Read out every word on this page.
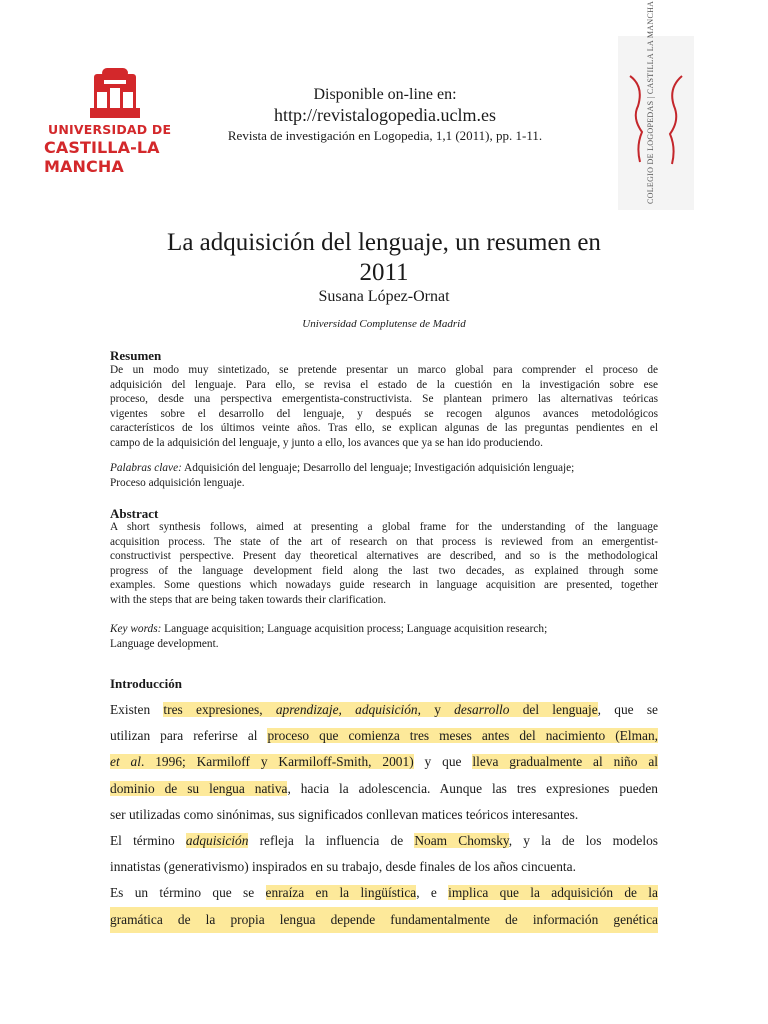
UNIVERSIDAD DE
CASTILLA-LA MANCHA	COLEGIO DE LOGOPEDAS | CASTILLA LA MANCHA
Disponible on-line en:
http://revistalogopedia.uclm.es
Revista de investigación en Logopedia, 1,1 (2011), pp. 1-11.
La adquisición del lenguaje, un resumen en
2011
Susana López-Ornat
Universidad Complutense de Madrid
Resumen
De un modo muy sintetizado, se pretende presentar un marco global para comprender el proceso de
adquisición del lenguaje. Para ello, se revisa el estado de la cuestión en la investigación sobre ese
proceso, desde una perspectiva emergentista-constructivista. Se plantean primero las alternativas teóricas
vigentes sobre el desarrollo del lenguaje, y después se recogen algunos avances metodológicos
característicos de los últimos veinte años. Tras ello, se explican algunas de las preguntas pendientes en el
campo de la adquisición del lenguaje, y junto a ello, los avances que ya se han ido produciendo.
Palabras clave: Adquisición del lenguaje; Desarrollo del lenguaje; Investigación adquisición lenguaje;
Proceso adquisición lenguaje.
Abstract
A short synthesis follows, aimed at presenting a global frame for the understanding of the language
acquisition process. The state of the art of research on that process is reviewed from an emergentist-
constructivist perspective. Present day theoretical alternatives are described, and so is the methodological
progress of the language development field along the last two decades, as explained through some
examples. Some questions which nowadays guide research in language acquisition are presented, together
with the steps that are being taken towards their clarification.
Key words: Language acquisition; Language acquisition process; Language acquisition research;
Language development.
Introducción
Existen tres expresiones, aprendizaje, adquisición, y desarrollo del lenguaje, que se
utilizan para referirse al proceso que comienza tres meses antes del nacimiento (Elman,
et al. 1996; Karmiloff y Karmiloff-Smith, 2001) y que lleva gradualmente al niño al
dominio de su lengua nativa, hacia la adolescencia. Aunque las tres expresiones pueden
ser utilizadas como sinónimas, sus significados conllevan matices teóricos interesantes.
El término adquisición refleja la influencia de Noam Chomsky, y la de los modelos
innatistas (generativismo) inspirados en su trabajo, desde finales de los años cincuenta.
Es un término que se enraíza en la lingüística, e implica que la adquisición de la
gramática de la propia lengua depende fundamentalmente de información genética
